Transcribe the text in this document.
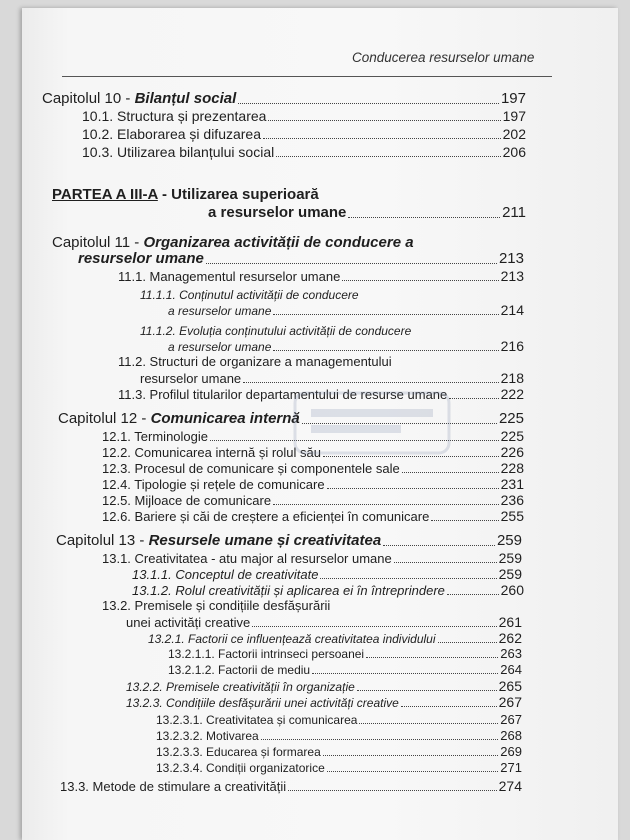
Conducerea resurselor umane
Capitolul 10 - Bilanțul social	197
10.1. Structura și prezentarea	197
10.2. Elaborarea și difuzarea	202
10.3. Utilizarea bilanțului social	206
PARTEA A III-A - Utilizarea superioară
a resurselor umane	211
Capitolul 11 - Organizarea activității de conducere a
resurselor umane	213
11.1. Managementul resurselor umane	213
11.1.1. Conținutul activității de conducere
a resurselor umane	214
11.1.2. Evoluția conținutului activității de conducere
a resurselor umane	216
11.2. Structuri de organizare a managementului
resurselor umane	218
11.3. Profilul titularilor departamentului de resurse umane	222
Capitolul 12 - Comunicarea internă	225
12.1. Terminologie	225
12.2. Comunicarea internă și rolul său	226
12.3. Procesul de comunicare și componentele sale	228
12.4. Tipologie și rețele de comunicare	231
12.5. Mijloace de comunicare	236
12.6. Bariere și căi de creștere a eficienței în comunicare	255
Capitolul 13 - Resursele umane și creativitatea	259
13.1. Creativitatea - atu major al resurselor umane	259
13.1.1. Conceptul de creativitate	259
13.1.2. Rolul creativității și aplicarea ei în întreprindere	260
13.2. Premisele și condițiile desfășurării
unei activități creative	261
13.2.1. Factorii ce influențează creativitatea individului	262
13.2.1.1. Factorii intrinseci persoanei	263
13.2.1.2. Factorii de mediu	264
13.2.2. Premisele creativității în organizație	265
13.2.3. Condițiile desfășurării unei activități creative	267
13.2.3.1. Creativitatea și comunicarea	267
13.2.3.2. Motivarea	268
13.2.3.3. Educarea și formarea	269
13.2.3.4. Condiții organizatorice	271
13.3. Metode de stimulare a creativității	274
